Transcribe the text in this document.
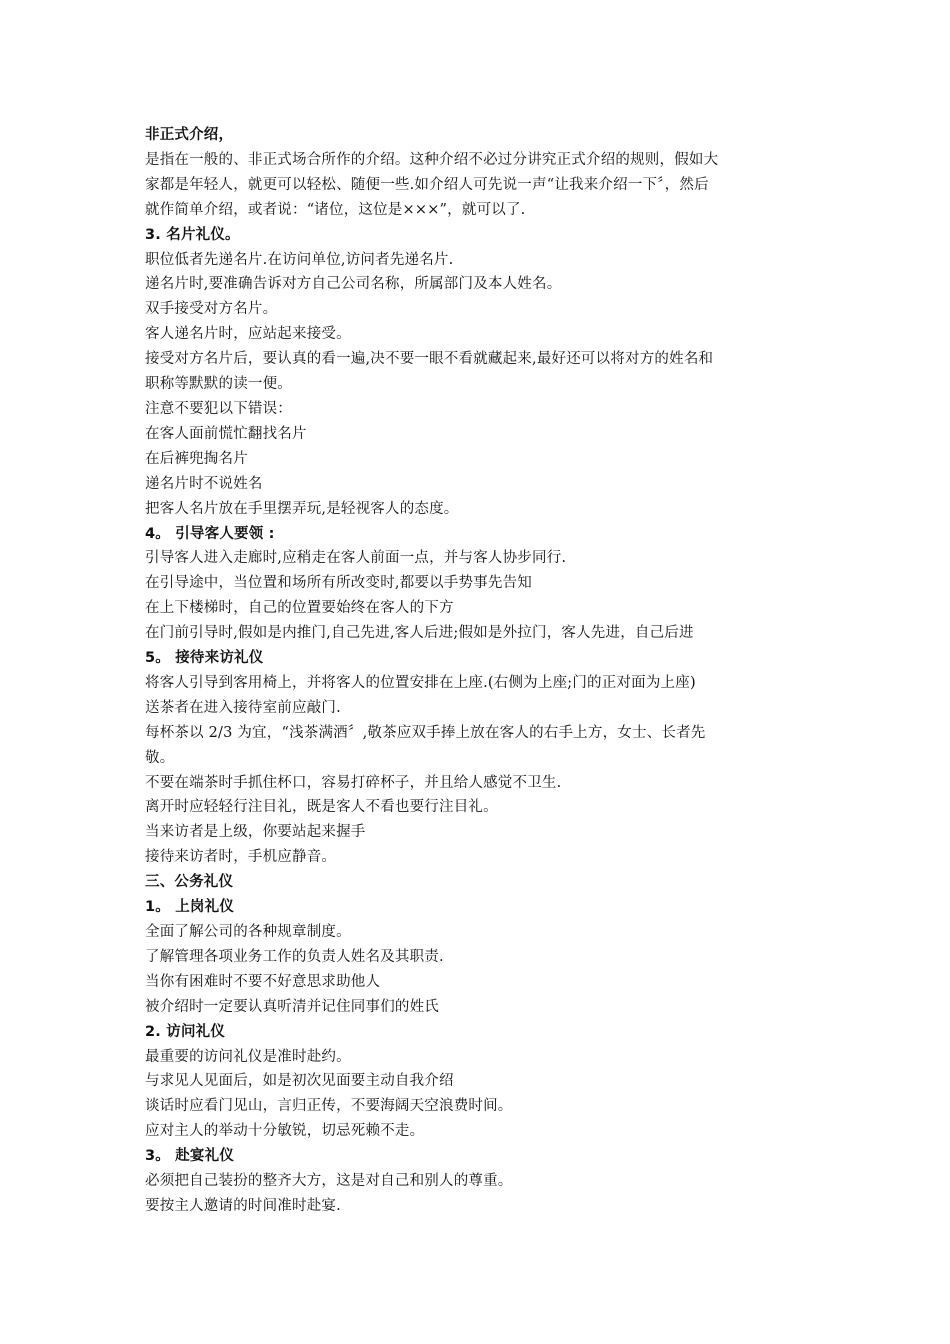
非正式介绍，
是指在一般的、非正式场合所作的介绍。这种介绍不必过分讲究正式介绍的规则，假如大
家都是年轻人，就更可以轻松、随便一些.如介绍人可先说一声“让我来介绍一下〞，然后
就作简单介绍，或者说：“诸位，这位是×××”，就可以了.
3. 名片礼仪。
职位低者先递名片.在访问单位,访问者先递名片.
递名片时,要准确告诉对方自己公司名称，所属部门及本人姓名。
双手接受对方名片。
客人递名片时，应站起来接受。
接受对方名片后，要认真的看一遍,决不要一眼不看就藏起来,最好还可以将对方的姓名和
职称等默默的读一便。
注意不要犯以下错误：
在客人面前慌忙翻找名片
在后裤兜掏名片
递名片时不说姓名
把客人名片放在手里摆弄玩,是轻视客人的态度。
4。 引导客人要领 :
引导客人进入走廊时,应稍走在客人前面一点，并与客人协步同行.
在引导途中，当位置和场所有所改变时,都要以手势事先告知
在上下楼梯时，自己的位置要始终在客人的下方
在门前引导时,假如是内推门,自己先进,客人后进;假如是外拉门，客人先进，自己后进
5。 接待来访礼仪
将客人引导到客用椅上，并将客人的位置安排在上座.(右侧为上座;门的正对面为上座)
送茶者在进入接待室前应敲门.
每杯茶以 2/3 为宜，“浅茶满酒〞,敬茶应双手捧上放在客人的右手上方，女士、长者先
敬。
不要在端茶时手抓住杯口，容易打碎杯子，并且给人感觉不卫生.
离开时应轻轻行注目礼，既是客人不看也要行注目礼。
当来访者是上级，你要站起来握手
接待来访者时，手机应静音。
三、公务礼仪
1。 上岗礼仪
全面了解公司的各种规章制度。
了解管理各项业务工作的负责人姓名及其职责.
当你有困难时不要不好意思求助他人
被介绍时一定要认真听清并记住同事们的姓氏
2. 访问礼仪
最重要的访问礼仪是准时赴约。
与求见人见面后，如是初次见面要主动自我介绍
谈话时应看门见山，言归正传，不要海阔天空浪费时间。
应对主人的举动十分敏锐，切忌死赖不走。
3。 赴宴礼仪
必须把自己装扮的整齐大方，这是对自己和别人的尊重。
要按主人邀请的时间准时赴宴.
